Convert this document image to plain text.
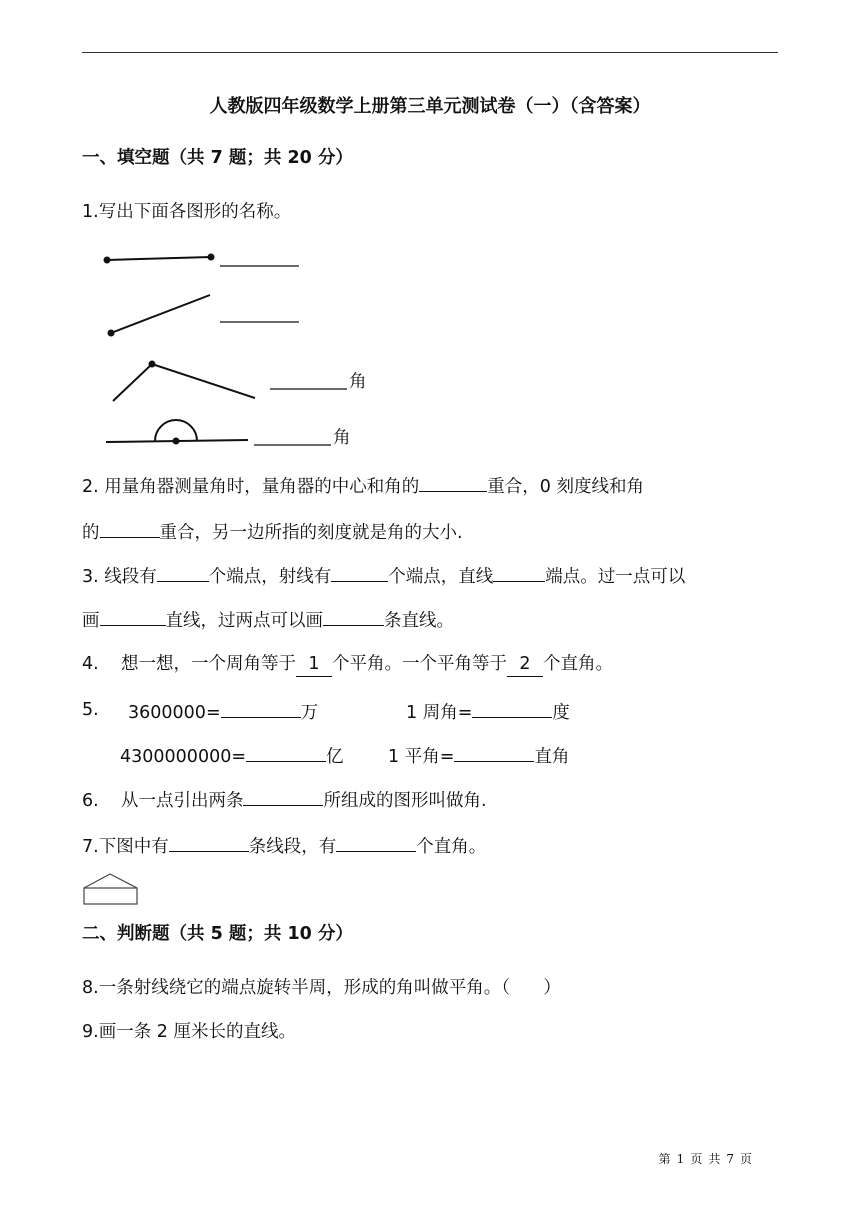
人教版四年级数学上册第三单元测试卷（一）（含答案）
一、填空题（共 7 题；共 20 分）
1.写出下面各图形的名称。
角
角
2. 用量角器测量角时，量角器的中心和角的	重合，0 刻度线和角
的	重合，另一边所指的刻度就是角的大小.
3. 线段有	个端点，射线有	个端点，直线	端点。过一点可以
画	直线，过两点可以画	条直线。
4.    想一想，一个周角等于 1 个平角。一个平角等于 2 个直角。
5. 3600000=	万	1 周角=	度
4300000000=	亿	1 平角=	直角
6.    从一点引出两条	所组成的图形叫做角.
7.下图中有	条线段，有	个直角。
二、判断题（共 5 题；共 10 分）
8.一条射线绕它的端点旋转半周，形成的角叫做平角。（      ）
9.画一条 2 厘米长的直线。
第 1 页 共 7 页
